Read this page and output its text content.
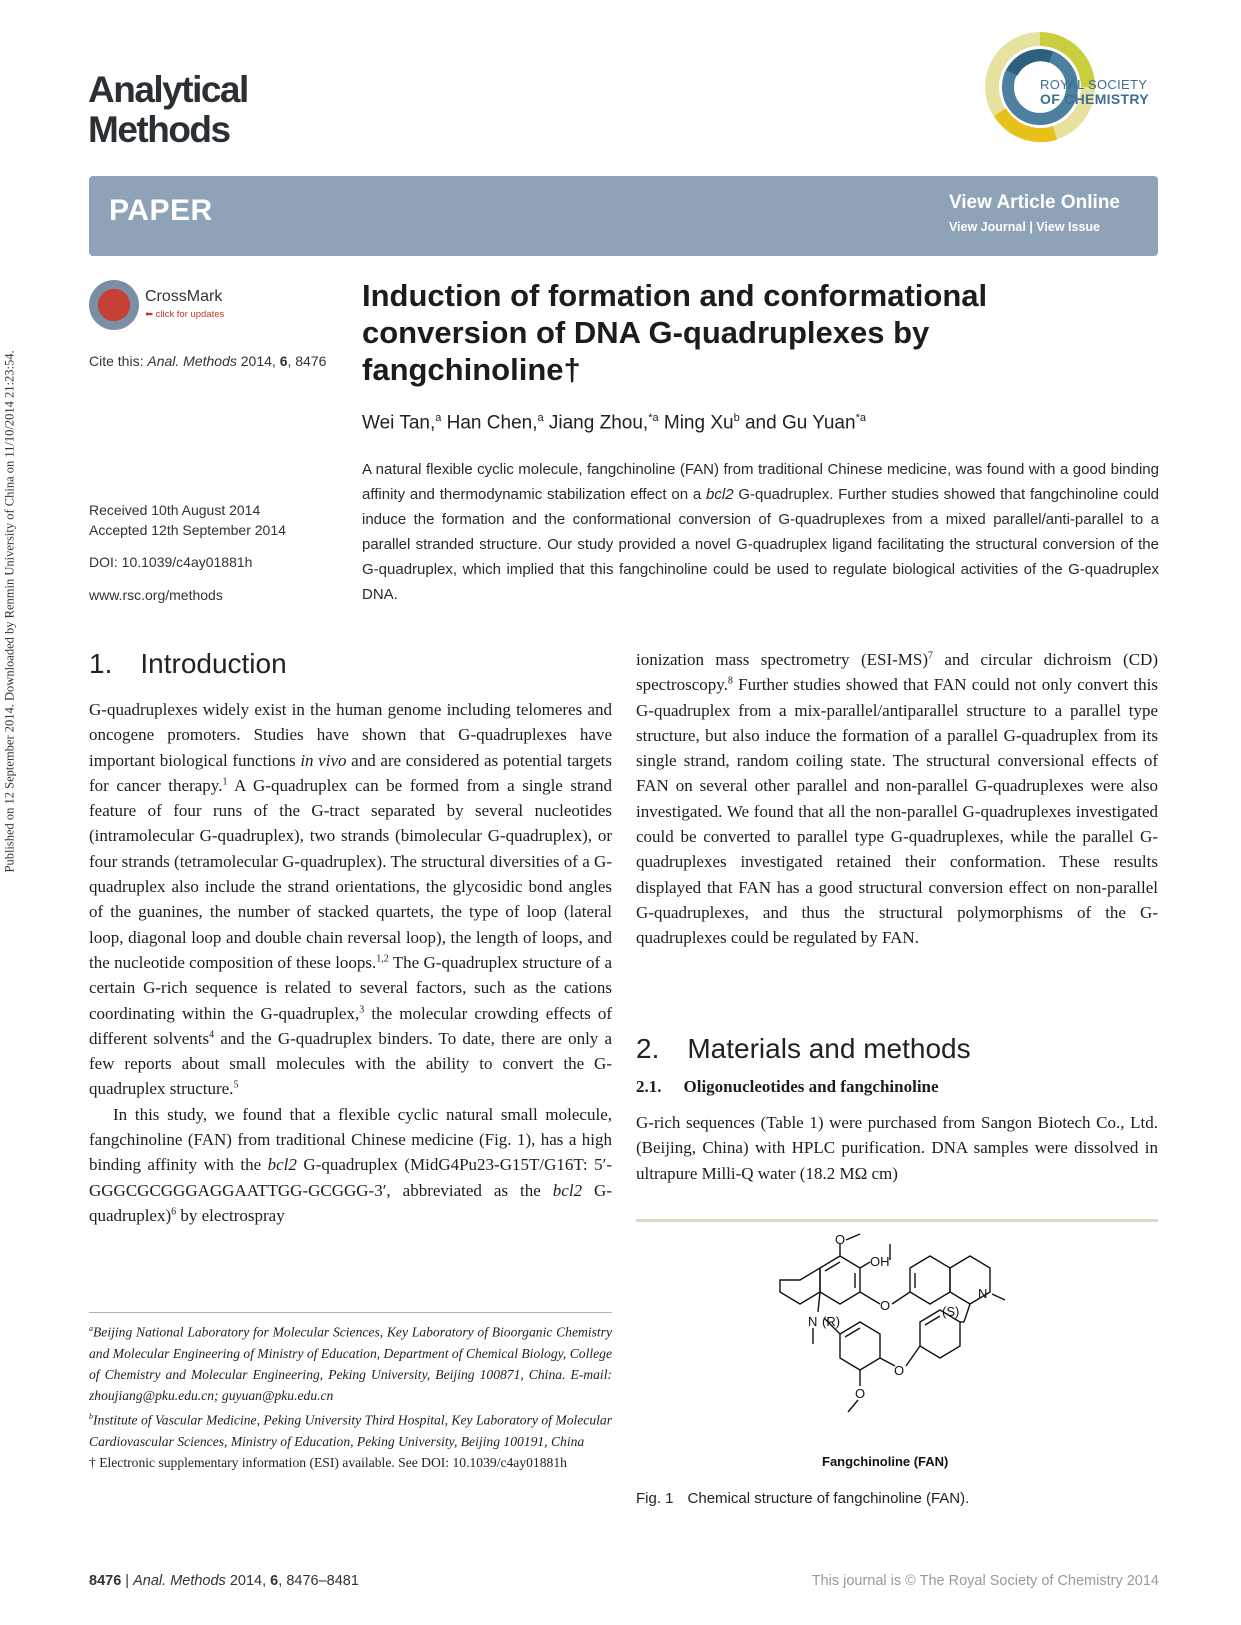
Published on 12 September 2014. Downloaded by Renmin University of China on 11/10/2014 21:23:54.
Analytical
Methods
ROYAL SOCIETY
OF CHEMISTRY
PAPER	View Article Online
View Journal | View Issue
CrossMark
⬅ click for updates
Cite this: Anal. Methods 2014, 6, 8476
Received 10th August 2014
Accepted 12th September 2014
DOI: 10.1039/c4ay01881h
www.rsc.org/methods
Induction of formation and conformational conversion of DNA G-quadruplexes by fangchinoline†
Wei Tan,$^a$ Han Chen,$^a$ Jiang Zhou,$^{*a}$ Ming Xu$^b$ and Gu Yuan$^{*a}$
A natural flexible cyclic molecule, fangchinoline (FAN) from traditional Chinese medicine, was found with a good binding affinity and thermodynamic stabilization effect on a bcl2 G-quadruplex. Further studies showed that fangchinoline could induce the formation and the conformational conversion of G-quadruplexes from a mixed parallel/anti-parallel to a parallel stranded structure. Our study provided a novel G-quadruplex ligand facilitating the structural conversion of the G-quadruplex, which implied that this fangchinoline could be used to regulate biological activities of the G-quadruplex DNA.
1. Introduction

G-quadruplexes widely exist in the human genome including telomeres and oncogene promoters. Studies have shown that G-quadruplexes have important biological functions in vivo and are considered as potential targets for cancer therapy.$^1$ A G-quadruplex can be formed from a single strand feature of four runs of the G-tract separated by several nucleotides (intramolecular G-quadruplex), two strands (bimolecular G-quadruplex), or four strands (tetramolecular G-quadruplex). The structural diversities of a G-quadruplex also include the strand orientations, the glycosidic bond angles of the guanines, the number of stacked quartets, the type of loop (lateral loop, diagonal loop and double chain reversal loop), the length of loops, and the nucleotide composition of these loops.$^{1,2}$ The G-quadruplex structure of a certain G-rich sequence is related to several factors, such as the cations coordinating within the G-quadruplex,$^3$ the molecular crowding effects of different solvents$^4$ and the G-quadruplex binders. To date, there are only a few reports about small molecules with the ability to convert the G-quadruplex structure.$^5$

In this study, we found that a flexible cyclic natural small molecule, fangchinoline (FAN) from traditional Chinese medicine (Fig. 1), has a high binding affinity with the bcl2 G-quadruplex (MidG4Pu23-G15T/G16T: 5′-GGGCGCGGGAGGAATTGG-GCGGG-3′, abbreviated as the bcl2 G-quadruplex)$^6$ by electrospray

ionization mass spectrometry $(ESI-MS)^7$ and circular dichroism (CD) spectroscopy.$^8$ Further studies showed that FAN could not only convert this G-quadruplex from a mix-parallel/antiparallel structure to a parallel type structure, but also induce the formation of a parallel G-quadruplex from its single strand, random coiling state. The structural conversional effects of FAN on several other parallel and non-parallel G-quadruplexes were also investigated. We found that all the non-parallel G-quadruplexes investigated could be converted to parallel type G-quadruplexes, while the parallel G-quadruplexes investigated retained their conformation. These results displayed that FAN has a good structural conversion effect on non-parallel G-quadruplexes, and thus the structural polymorphisms of the G-quadruplexes could be regulated by FAN.

2. Materials and methods
2.1. Oligonucleotides and fangchinoline
G-rich sequences (Table 1) were purchased from Sangon Biotech Co., Ltd. (Beijing, China) with HPLC purification. DNA samples were dissolved in ultrapure Milli-Q water (18.2 MΩ cm)

$^a$Beijing National Laboratory for Molecular Sciences, Key Laboratory of Bioorganic Chemistry and Molecular Engineering of Ministry of Education, Department of Chemical Biology, College of Chemistry and Molecular Engineering, Peking University, Beijing 100871, China. E-mail: zhoujiang@pku.edu.cn; guyuan@pku.edu.cn

$^b$Institute of Vascular Medicine, Peking University Third Hospital, Key Laboratory of Molecular Cardiovascular Sciences, Ministry of Education, Peking University, Beijing 100191, China

† Electronic supplementary information (ESI) available. See DOI: 10.1039/c4ay01881h

O
OH
N (R)
O
N
(S)
O
O
Fangchinoline (FAN)
Fig. 1 Chemical structure of fangchinoline (FAN).
8476 | Anal. Methods 2014, 6, 8476–8481	This journal is © The Royal Society of Chemistry 2014
